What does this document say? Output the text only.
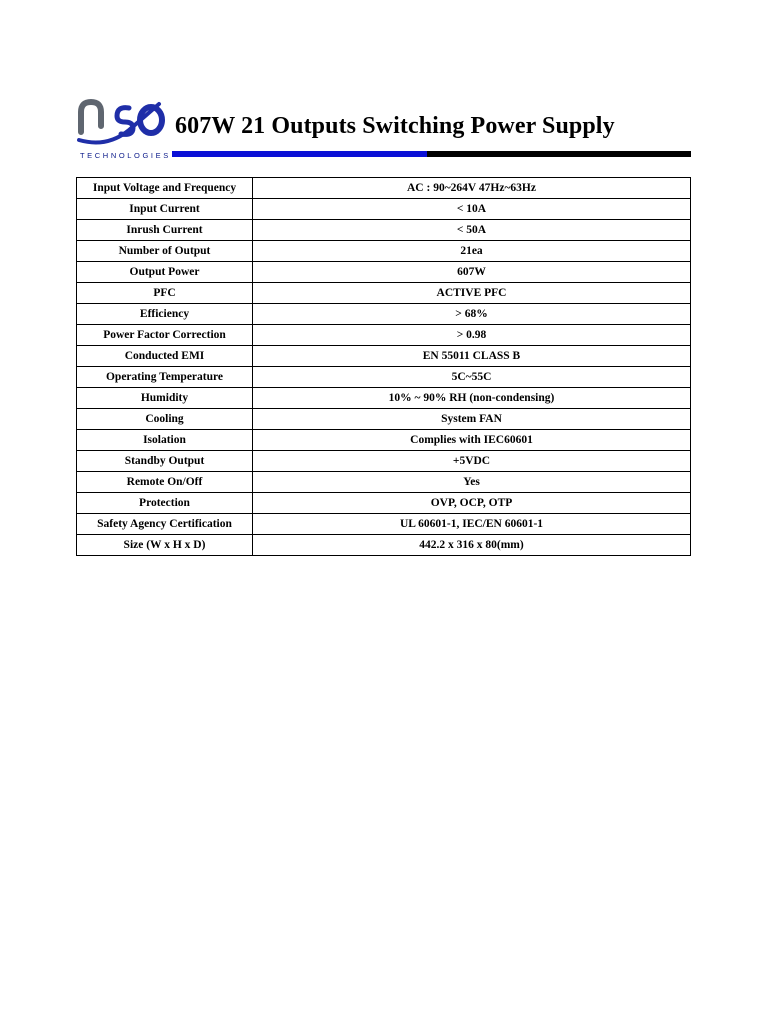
TECHNOLOGIES
607W 21 Outputs Switching Power Supply
Input Voltage and Frequency	AC : 90~264V 47Hz~63Hz
Input Current	< 10A
Inrush Current	< 50A
Number of Output	21ea
Output Power	607W
PFC	ACTIVE PFC
Efficiency	> 68%
Power Factor Correction	> 0.98
Conducted EMI	EN 55011 CLASS B
Operating Temperature	5C~55C
Humidity	10% ~ 90% RH (non-condensing)
Cooling	System FAN
Isolation	Complies with IEC60601
Standby Output	+5VDC
Remote On/Off	Yes
Protection	OVP, OCP, OTP
Safety Agency Certification	UL 60601-1, IEC/EN 60601-1
Size (W x H x D)	442.2 x 316 x 80(mm)
